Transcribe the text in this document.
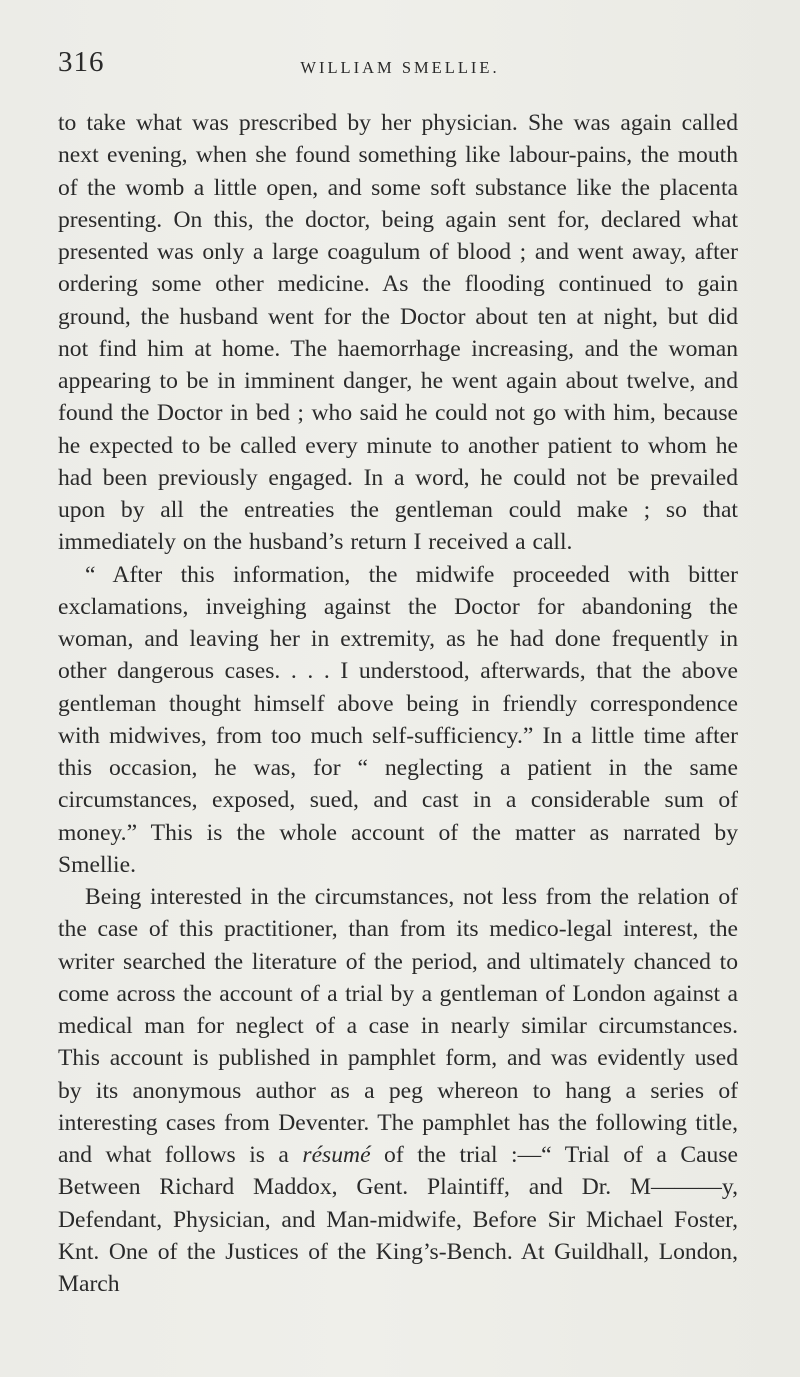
316	WILLIAM SMELLIE.

to take what was prescribed by her physician. She was again called next evening, when she found something like labour-pains, the mouth of the womb a little open, and some soft substance like the placenta presenting. On this, the doctor, being again sent for, declared what presented was only a large coagulum of blood ; and went away, after ordering some other medicine. As the flooding continued to gain ground, the husband went for the Doctor about ten at night, but did not find him at home. The haemorrhage increasing, and the woman appearing to be in imminent danger, he went again about twelve, and found the Doctor in bed ; who said he could not go with him, because he expected to be called every minute to another patient to whom he had been previously engaged. In a word, he could not be prevailed upon by all the entreaties the gentleman could make ; so that immediately on the husband’s return I received a call.

“ After this information, the midwife proceeded with bitter exclamations, inveighing against the Doctor for abandoning the woman, and leaving her in extremity, as he had done frequently in other dangerous cases. . . . I understood, afterwards, that the above gentleman thought himself above being in friendly correspondence with midwives, from too much self-sufficiency.” In a little time after this occasion, he was, for “ neglecting a patient in the same circumstances, exposed, sued, and cast in a considerable sum of money.” This is the whole account of the matter as narrated by Smellie.

Being interested in the circumstances, not less from the relation of the case of this practitioner, than from its medico-legal interest, the writer searched the literature of the period, and ultimately chanced to come across the account of a trial by a gentleman of London against a medical man for neglect of a case in nearly similar circumstances. This account is published in pamphlet form, and was evidently used by its anonymous author as a peg whereon to hang a series of interesting cases from Deventer. The pamphlet has the following title, and what follows is a résumé of the trial :—“ Trial of a Cause Between Richard Maddox, Gent. Plaintiff, and Dr. M———y, Defendant, Physician, and Man-midwife, Before Sir Michael Foster, Knt. One of the Justices of the King’s-Bench. At Guildhall, London, March
